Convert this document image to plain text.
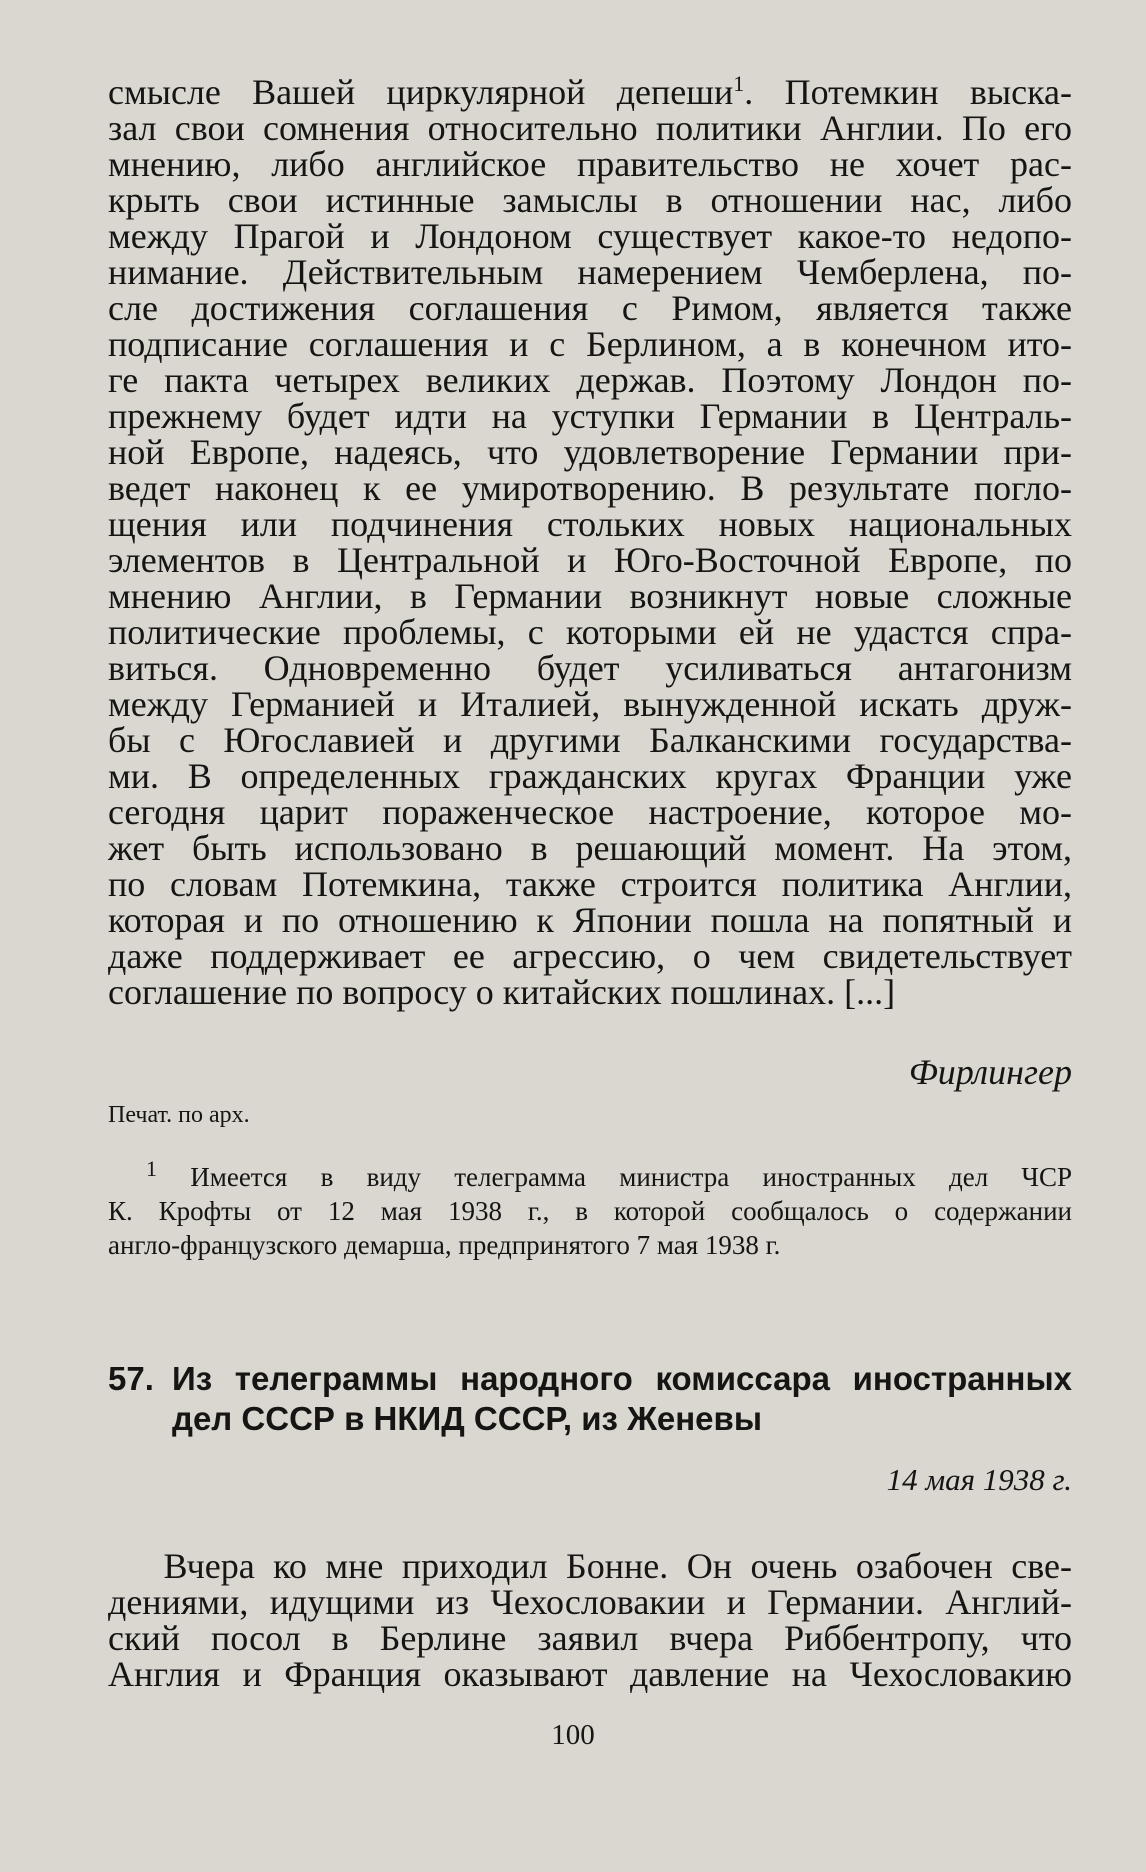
смысле Вашей циркулярной депеши$^1$. Потемкин выска-
зал свои сомнения относительно политики Англии. По его
мнению, либо английское правительство не хочет рас-
крыть свои истинные замыслы в отношении нас, либо
между Прагой и Лондоном существует какое-то недопо-
нимание. Действительным намерением Чемберлена, по-
сле достижения соглашения с Римом, является также
подписание соглашения и с Берлином, а в конечном ито-
ге пакта четырех великих держав. Поэтому Лондон по-
прежнему будет идти на уступки Германии в Централь-
ной Европе, надеясь, что удовлетворение Германии при-
ведет наконец к ее умиротворению. В результате погло-
щения или подчинения стольких новых национальных
элементов в Центральной и Юго-Восточной Европе, по
мнению Англии, в Германии возникнут новые сложные
политические проблемы, с которыми ей не удастся спра-
виться. Одновременно будет усиливаться антагонизм
между Германией и Италией, вынужденной искать друж-
бы с Югославией и другими Балканскими государства-
ми. В определенных гражданских кругах Франции уже
сегодня царит пораженческое настроение, которое мо-
жет быть использовано в решающий момент. На этом,
по словам Потемкина, также строится политика Англии,
которая и по отношению к Японии пошла на попятный и
даже поддерживает ее агрессию, о чем свидетельствует
соглашение по вопросу о китайских пошлинах. [...]
Фирлингер
Печат. по арх.
$^1$ Имеется в виду телеграмма министра иностранных дел ЧСР
К. Крофты от 12 мая 1938 г., в которой сообщалось о содержании
англо-французского демарша, предпринятого 7 мая 1938 г.
57. Из телеграммы народного комиссара иностранных
дел СССР в НКИД СССР, из Женевы
14 мая 1938 г.
Вчера ко мне приходил Бонне. Он очень озабочен све-
дениями, идущими из Чехословакии и Германии. Англий-
ский посол в Берлине заявил вчера Риббентропу, что
Англия и Франция оказывают давление на Чехословакию
100
